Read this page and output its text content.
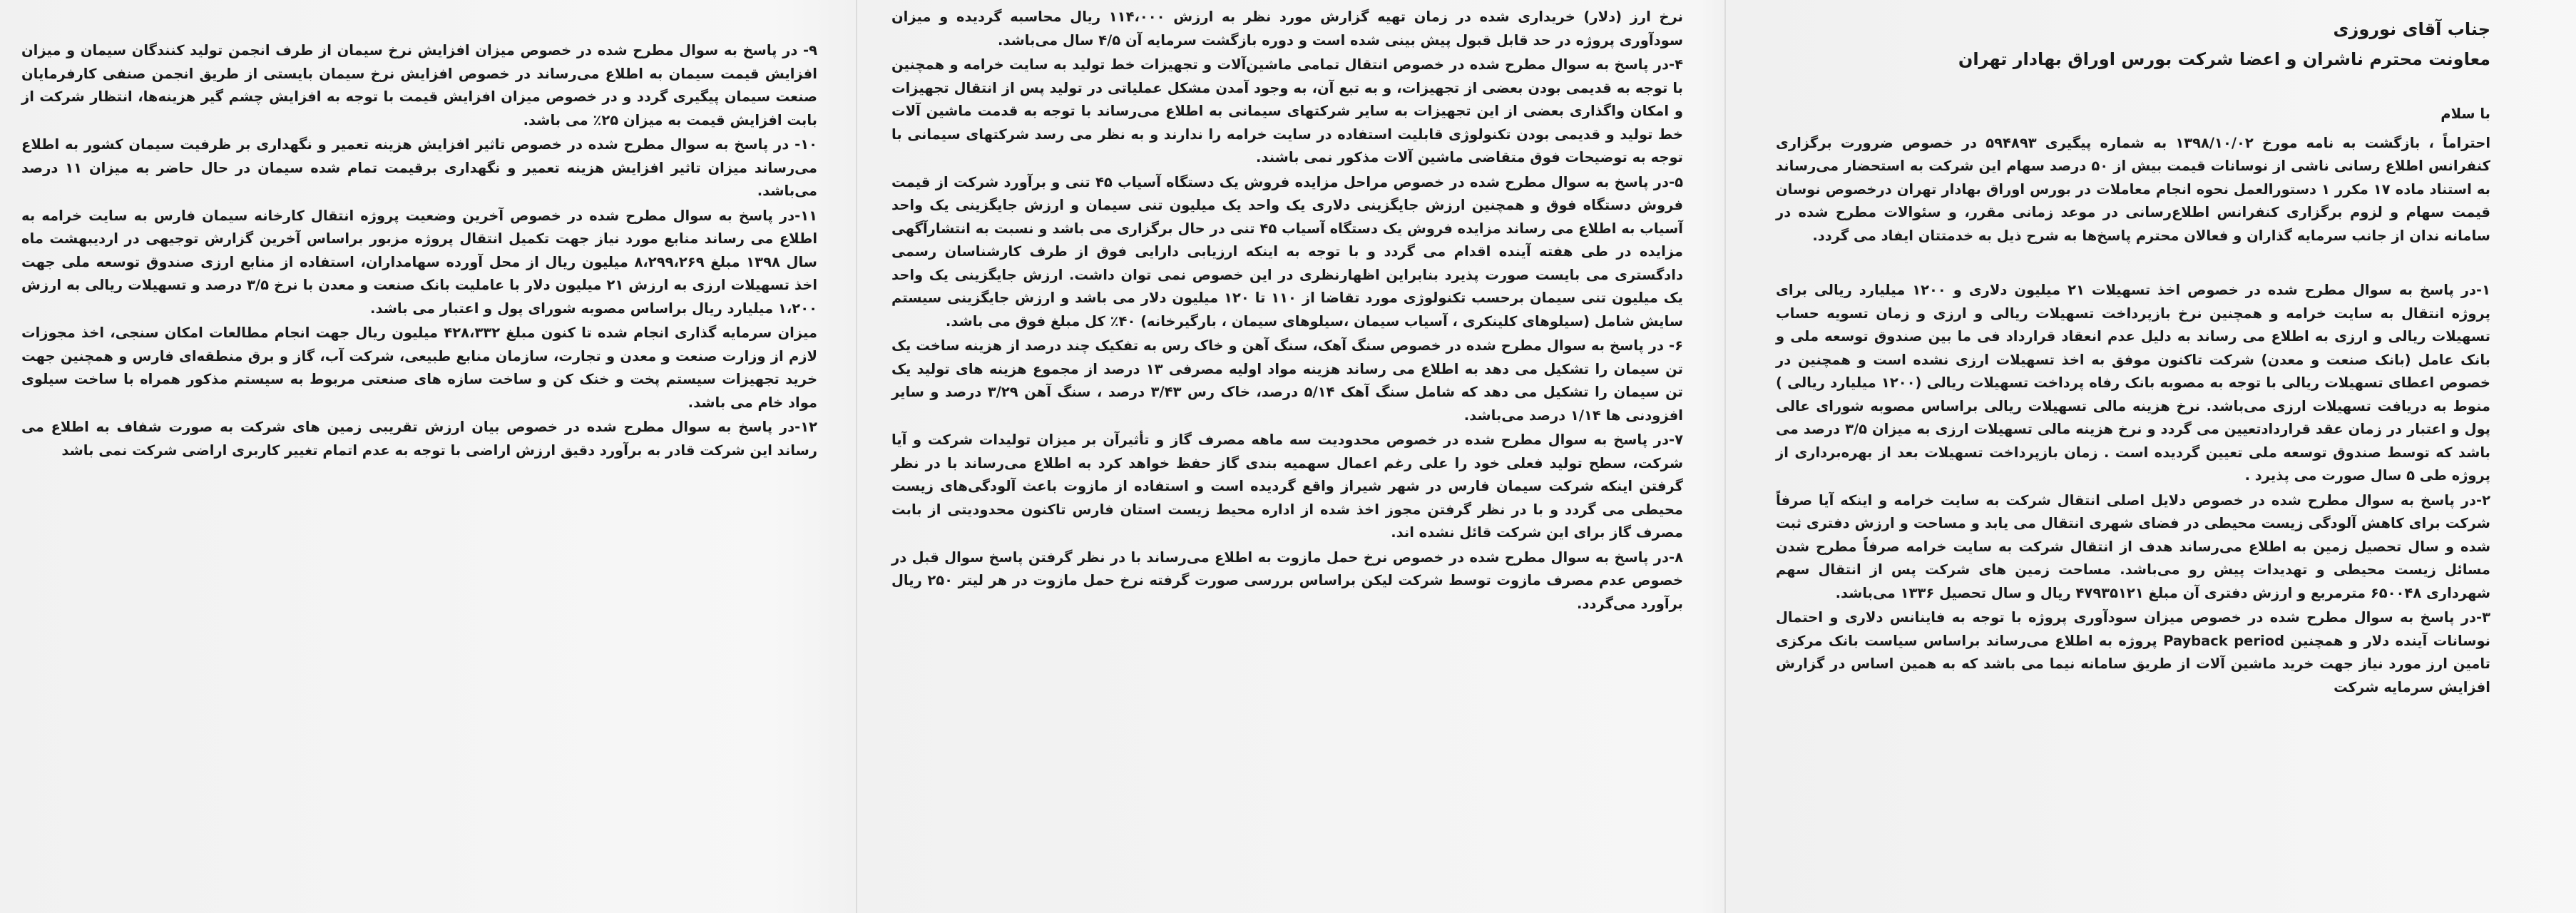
جناب آقای نوروزی
معاونت محترم ناشران و اعضا شرکت بورس اوراق بهادار تهران

با سلام

احتراماً ، بازگشت به نامه مورخ ۱۳۹۸/۱۰/۰۲ به شماره پیگیری ۵۹۴۸۹۳ در خصوص ضرورت برگزاری کنفرانس اطلاع رسانی ناشی از نوسانات قیمت بیش از ۵۰ درصد سهام این شرکت به استحضار می‌رساند به استناد ماده ۱۷ مکرر ۱ دستورالعمل نحوه انجام معاملات در بورس اوراق بهادار تهران درخصوص نوسان قیمت سهام و لزوم برگزاری کنفرانس اطلاع‌رسانی در موعد زمانی مقرر، و سئوالات مطرح شده در سامانه ندان از جانب سرمایه گذاران و فعالان محترم پاسخ‌ها به شرح ذیل به خدمتتان ایفاد می گردد.

۱-در پاسخ به سوال مطرح شده در خصوص اخذ تسهیلات ۲۱ میلیون دلاری و ۱۲۰۰ میلیارد ریالی برای پروژه انتقال به سایت خرامه و همچنین نرخ بازپرداخت تسهیلات ریالی و ارزی و زمان تسویه حساب تسهیلات ریالی و ارزی به اطلاع می رساند به دلیل عدم انعقاد قرارداد فی ما بین صندوق توسعه ملی و بانک عامل (بانک صنعت و معدن) شرکت تاکنون موفق به اخذ تسهیلات ارزی نشده است و همچنین در خصوص اعطای تسهیلات ریالی با توجه به مصوبه بانک رفاه پرداخت تسهیلات ریالی (۱۲۰۰ میلیارد ریالی ) منوط به دریافت تسهیلات ارزی می‌باشد. نرخ هزینه مالی تسهیلات ریالی براساس مصوبه شورای عالی پول و اعتبار در زمان عقد قراردادتعیین می گردد و نرخ هزینه مالی تسهیلات ارزی به میزان ۳/۵ درصد می باشد که توسط صندوق توسعه ملی تعیین گردیده است . زمان بازپرداخت تسهیلات بعد از بهره‌برداری از پروژه طی ۵ سال صورت می پذیرد .

۲-در پاسخ به سوال مطرح شده در خصوص دلایل اصلی انتقال شرکت به سایت خرامه و اینکه آیا صرفاً شرکت برای کاهش آلودگی زیست محیطی در فضای شهری انتقال می یابد و مساحت و ارزش دفتری ثبت شده و سال تحصیل زمین به اطلاع می‌رساند هدف از انتقال شرکت به سایت خرامه صرفاً مطرح شدن مسائل زیست محیطی و تهدیدات پیش رو می‌باشد. مساحت زمین های شرکت پس از انتقال سهم شهرداری ۶۵۰۰۴۸ مترمربع و ارزش دفتری آن مبلغ ۴۷۹۳۵۱۲۱ ریال و سال تحصیل ۱۳۳۶ می‌باشد.

۳-در پاسخ به سوال مطرح شده در خصوص میزان سودآوری پروژه با توجه به فاینانس دلاری و احتمال نوسانات آینده دلار و همچنین Payback period پروژه به اطلاع می‌رساند براساس سیاست بانک مرکزی تامین ارز مورد نیاز جهت خرید ماشین آلات از طریق سامانه نیما می باشد که به همین اساس در گزارش افزایش سرمایه شرکت

نرخ ارز (دلار) خریداری شده در زمان تهیه گزارش مورد نظر به ارزش ۱۱۴،۰۰۰ ریال محاسبه گردیده و میزان سودآوری پروژه در حد قابل قبول پیش بینی شده است و دوره بازگشت سرمایه آن ۴/۵ سال می‌باشد.

۴-در پاسخ به سوال مطرح شده در خصوص انتقال تمامی ماشین‌آلات و تجهیزات خط تولید به سایت خرامه و همچنین با توجه به قدیمی بودن بعضی از تجهیزات، و به تبع آن، به وجود آمدن مشکل عملیاتی در تولید پس از انتقال تجهیزات و امکان واگذاری بعضی از این تجهیزات به سایر شرکتهای سیمانی به اطلاع می‌رساند با توجه به قدمت ماشین آلات خط تولید و قدیمی بودن تکنولوژی قابلیت استفاده در سایت خرامه را ندارند و به نظر می رسد شرکتهای سیمانی با توجه به توضیحات فوق متقاضی ماشین آلات مذکور نمی باشند.

۵-در پاسخ به سوال مطرح شده در خصوص مراحل مزایده فروش یک دستگاه آسیاب ۴۵ تنی و برآورد شرکت از قیمت فروش دستگاه فوق و همچنین ارزش جایگزینی دلاری یک واحد یک میلیون تنی سیمان و ارزش جایگزینی یک واحد آسیاب به اطلاع می رساند مزایده فروش یک دستگاه آسیاب ۴۵ تنی در حال برگزاری می باشد و نسبت به انتشارآگهی مزایده در طی هفته آینده اقدام می گردد و با توجه به اینکه ارزیابی دارایی فوق از طرف کارشناسان رسمی دادگستری می بایست صورت پذیرد بنابراین اظهارنظری در این خصوص نمی توان داشت. ارزش جایگزینی یک واحد یک میلیون تنی سیمان برحسب تکنولوژی مورد تقاضا از ۱۱۰ تا ۱۲۰ میلیون دلار می باشد و ارزش جایگزینی سیستم سایش شامل (سیلوهای کلینکری ، آسیاب سیمان ،سیلوهای سیمان ، بارگیرخانه) ۴۰٪ کل مبلغ فوق می باشد.

۶- در پاسخ به سوال مطرح شده در خصوص سنگ آهک، سنگ آهن و خاک رس به تفکیک چند درصد از هزینه ساخت یک تن سیمان را تشکیل می دهد به اطلاع می رساند هزینه مواد اولیه مصرفی ۱۳ درصد از مجموع هزینه های تولید یک تن سیمان را تشکیل می دهد که شامل سنگ آهک ۵/۱۴ درصد، خاک رس ۳/۴۳ درصد ، سنگ آهن ۳/۲۹ درصد و سایر افزودنی ها ۱/۱۴ درصد می‌باشد.

۷-در پاسخ به سوال مطرح شده در خصوص محدودیت سه ماهه مصرف گاز و تأثیرآن بر میزان تولیدات شرکت و آیا شرکت، سطح تولید فعلی خود را علی رغم اعمال سهمیه بندی گاز حفظ خواهد کرد به اطلاع می‌رساند با در نظر گرفتن اینکه شرکت سیمان فارس در شهر شیراز واقع گردیده است و استفاده از مازوت باعث آلودگی‌های زیست محیطی می گردد و با در نظر گرفتن مجوز اخذ شده از اداره محیط زیست استان فارس تاکنون محدودیتی از بابت مصرف گاز برای این شرکت قائل نشده اند.

۸-در پاسخ به سوال مطرح شده در خصوص نرخ حمل مازوت به اطلاع می‌رساند با در نظر گرفتن پاسخ سوال قبل در خصوص عدم مصرف مازوت توسط شرکت لیکن براساس بررسی صورت گرفته نرخ حمل مازوت در هر لیتر ۲۵۰ ریال برآورد می‌گردد.

۹- در پاسخ به سوال مطرح شده در خصوص میزان افزایش نرخ سیمان از طرف انجمن تولید کنندگان سیمان و میزان افزایش قیمت سیمان به اطلاع می‌رساند در خصوص افزایش نرخ سیمان بایستی از طریق انجمن صنفی کارفرمایان صنعت سیمان پیگیری گردد و در خصوص میزان افزایش قیمت با توجه به افزایش چشم گیر هزینه‌ها، انتظار شرکت از بابت افزایش قیمت به میزان ۲۵٪ می باشد.

۱۰- در پاسخ به سوال مطرح شده در خصوص تاثیر افزایش هزینه تعمیر و نگهداری بر ظرفیت سیمان کشور به اطلاع می‌رساند میزان تاثیر افزایش هزینه تعمیر و نگهداری برقیمت تمام شده سیمان در حال حاضر به میزان ۱۱ درصد می‌باشد.

۱۱-در پاسخ به سوال مطرح شده در خصوص آخرین وضعیت پروژه انتقال کارخانه سیمان فارس به سایت خرامه به اطلاع می رساند منابع مورد نیاز جهت تکمیل انتقال پروژه مزبور براساس آخرین گزارش توجیهی در اردیبهشت ماه سال ۱۳۹۸ مبلغ ۸،۲۹۹،۲۶۹ میلیون ریال از محل آورده سهامداران، استفاده از منابع ارزی صندوق توسعه ملی جهت اخذ تسهیلات ارزی به ارزش ۲۱ میلیون دلار با عاملیت بانک صنعت و معدن با نرخ ۳/۵ درصد و تسهیلات ریالی به ارزش ۱،۲۰۰ میلیارد ریال براساس مصوبه شورای پول و اعتبار می باشد.

میزان سرمایه گذاری انجام شده تا کنون مبلغ ۴۲۸،۳۳۲ میلیون ریال جهت انجام مطالعات امکان سنجی، اخذ مجوزات لازم از وزارت صنعت و معدن و تجارت، سازمان منابع طبیعی، شرکت آب، گاز و برق منطقه‌ای فارس و همچنین جهت خرید تجهیزات سیستم پخت و خنک کن و ساخت سازه های صنعتی مربوط به سیستم مذکور همراه با ساخت سیلوی مواد خام می باشد.

۱۲-در پاسخ به سوال مطرح شده در خصوص بیان ارزش تقریبی زمین های شرکت به صورت شفاف به اطلاع می رساند این شرکت قادر به برآورد دقیق ارزش اراضی با توجه به عدم اتمام تغییر کاربری اراضی شرکت نمی باشد
